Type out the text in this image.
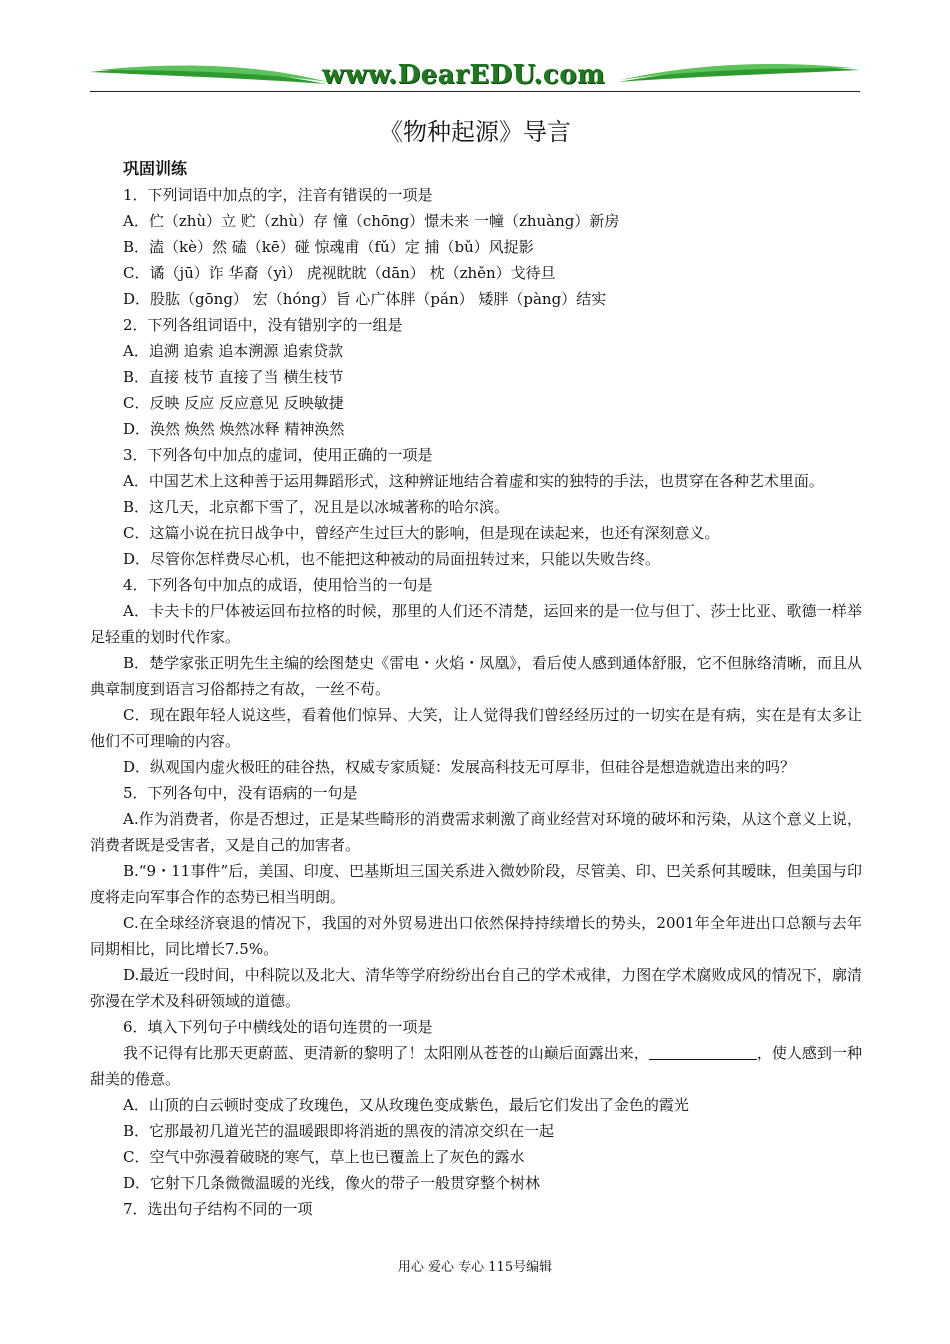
www.DearEDU.com
《物种起源》导言
巩固训练
1．下列词语中加点的字，注音有错误的一项是
A．伫（zhù）立 贮（zhù）存 憧（chōng）憬未来 一幢（zhuàng）新房
B．溘（kè）然 磕（kē）碰 惊魂甫（fǔ）定 捕（bǔ）风捉影
C．谲（jū）诈 华裔（yì） 虎视眈眈（dān） 枕（zhěn）戈待旦
D．股肱（gōng） 宏（hóng）旨 心广体胖（pán） 矮胖（pàng）结实
2．下列各组词语中，没有错别字的一组是
A．追溯 追索 追本溯源 追索贷款
B．直接 枝节 直接了当 横生枝节
C．反映 反应 反应意见 反映敏捷
D．涣然 焕然 焕然冰释 精神涣然
3．下列各句中加点的虚词，使用正确的一项是
A．中国艺术上这种善于运用舞蹈形式，这种辨证地结合着虚和实的独特的手法，也贯穿在各种艺术里面。
B．这几天，北京都下雪了，况且是以冰城著称的哈尔滨。
C．这篇小说在抗日战争中，曾经产生过巨大的影响，但是现在读起来，也还有深刻意义。
D．尽管你怎样费尽心机，也不能把这种被动的局面扭转过来，只能以失败告终。
4．下列各句中加点的成语，使用恰当的一句是
A．卡夫卡的尸体被运回布拉格的时候，那里的人们还不清楚，运回来的是一位与但丁、莎士比亚、歌德一样举足轻重的划时代作家。
B．楚学家张正明先生主编的绘图楚史《雷电・火焰・凤凰》，看后使人感到通体舒服，它不但脉络清晰，而且从典章制度到语言习俗都持之有故，一丝不苟。
C．现在跟年轻人说这些，看着他们惊异、大笑，让人觉得我们曾经经历过的一切实在是有病，实在是有太多让他们不可理喻的内容。
D．纵观国内虚火极旺的硅谷热，权威专家质疑：发展高科技无可厚非，但硅谷是想造就造出来的吗？
5．下列各句中，没有语病的一句是
A.作为消费者，你是否想过，正是某些畸形的消费需求刺激了商业经营对环境的破坏和污染，从这个意义上说，消费者既是受害者，又是自己的加害者。
B.“9・11事件”后，美国、印度、巴基斯坦三国关系进入微妙阶段，尽管美、印、巴关系何其暧昧，但美国与印度将走向军事合作的态势已相当明朗。
C.在全球经济衰退的情况下，我国的对外贸易进出口依然保持持续增长的势头，2001年全年进出口总额与去年同期相比，同比增长7.5%。
D.最近一段时间，中科院以及北大、清华等学府纷纷出台自己的学术戒律，力图在学术腐败成风的情况下，廓清弥漫在学术及科研领域的道德。
6．填入下列句子中横线处的语句连贯的一项是
我不记得有比那天更蔚蓝、更清新的黎明了！太阳刚从苍苍的山巅后面露出来，	，使人感到一种甜美的倦意。
A．山顶的白云顿时变成了玫瑰色，又从玫瑰色变成紫色，最后它们发出了金色的霞光
B．它那最初几道光芒的温暖跟即将消逝的黑夜的清凉交织在一起
C．空气中弥漫着破晓的寒气，草上也已覆盖上了灰色的露水
D．它射下几条微微温暖的光线，像火的带子一般贯穿整个树林
7．选出句子结构不同的一项
用心 爱心 专心 115号编辑
